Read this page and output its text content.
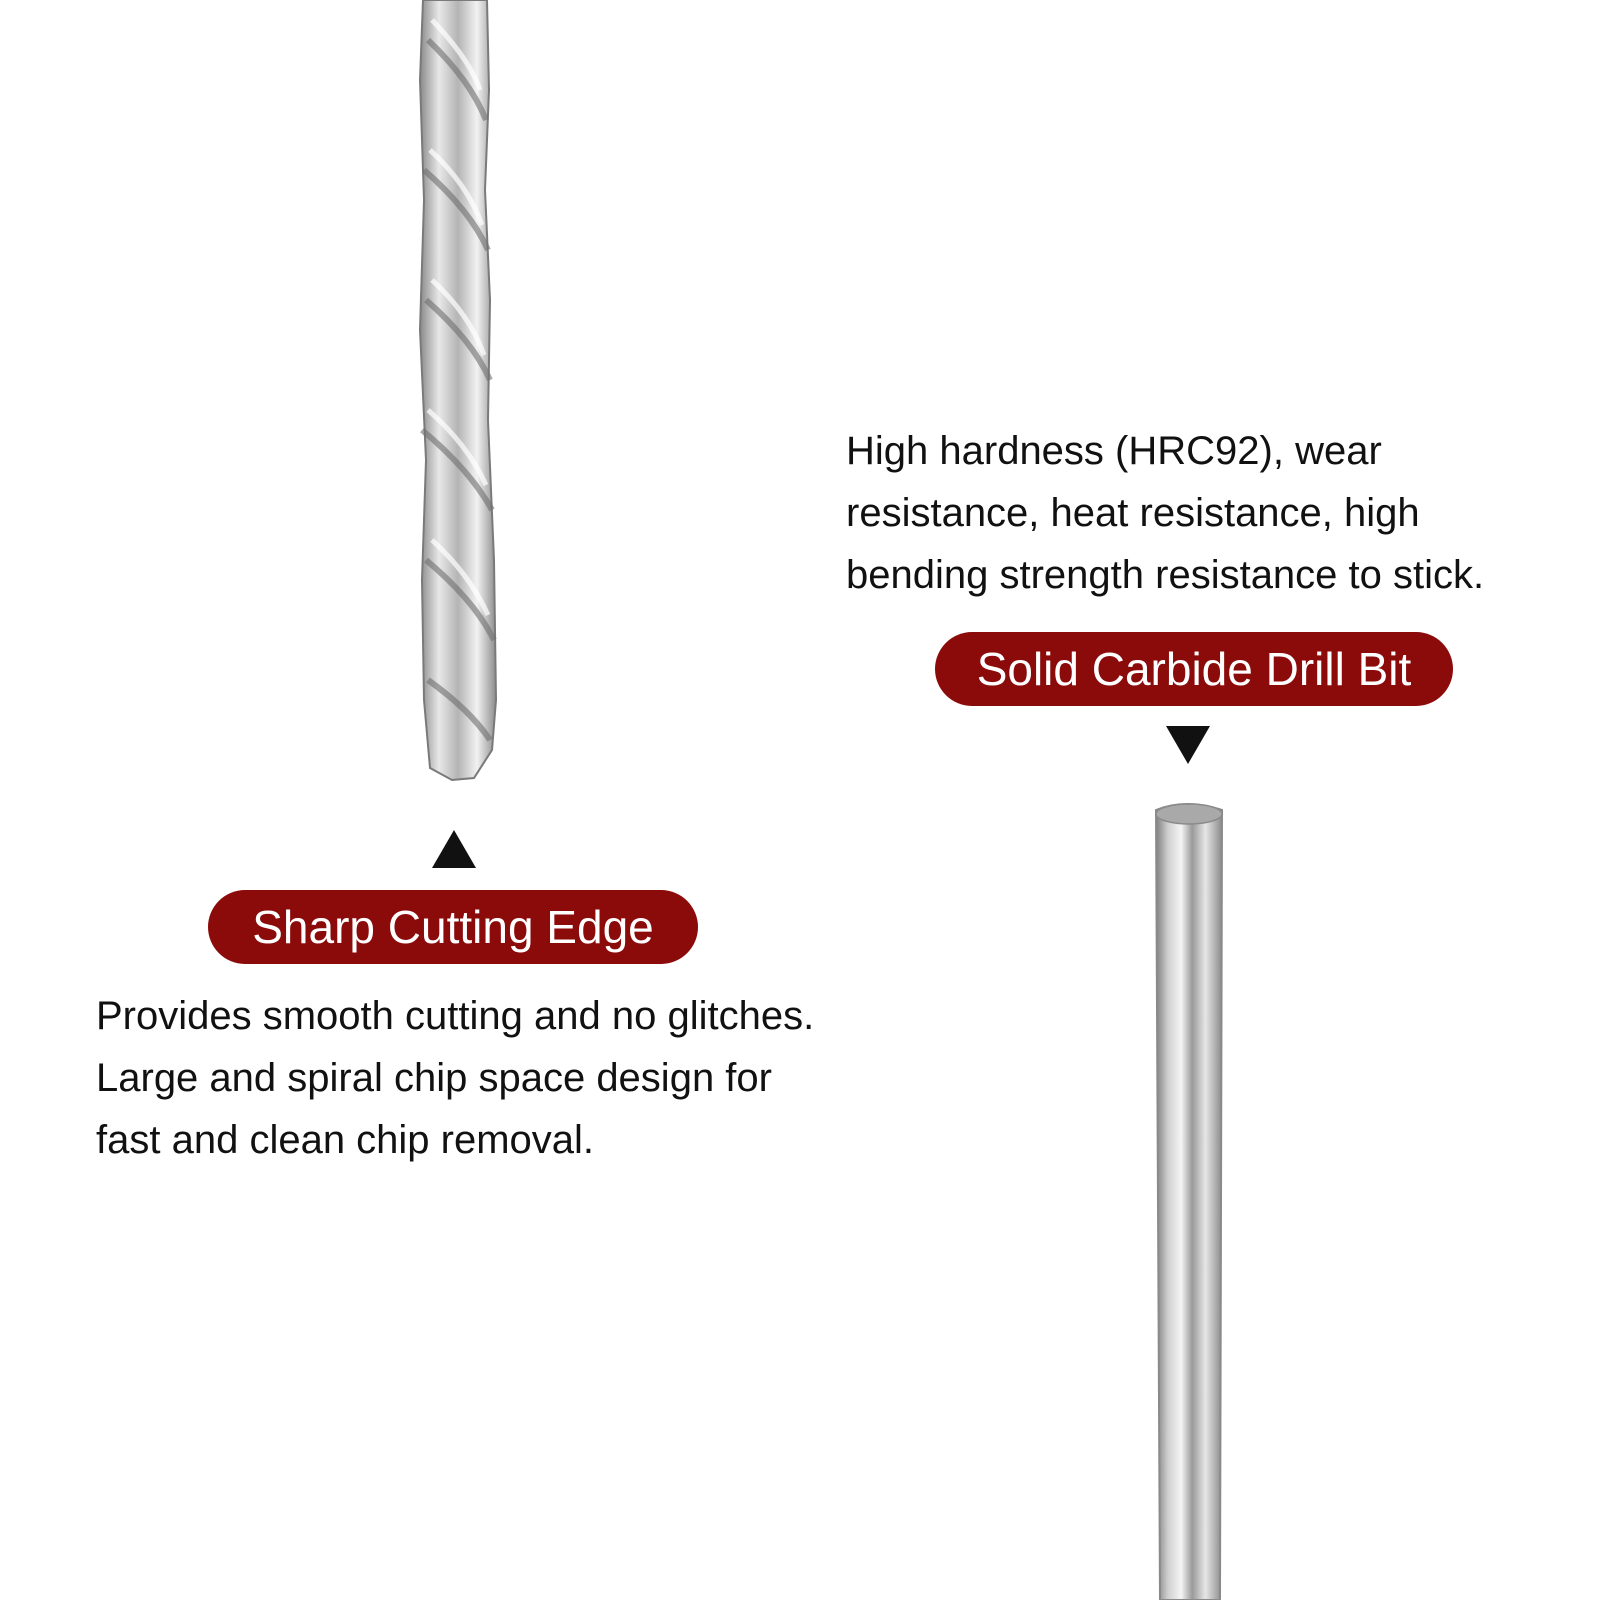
High hardness (HRC92), wear
resistance, heat resistance, high
bending strength resistance to stick.

Solid Carbide Drill Bit
Sharp Cutting Edge

Provides smooth cutting and no glitches.
Large and spiral chip space design for
fast and clean chip removal.
